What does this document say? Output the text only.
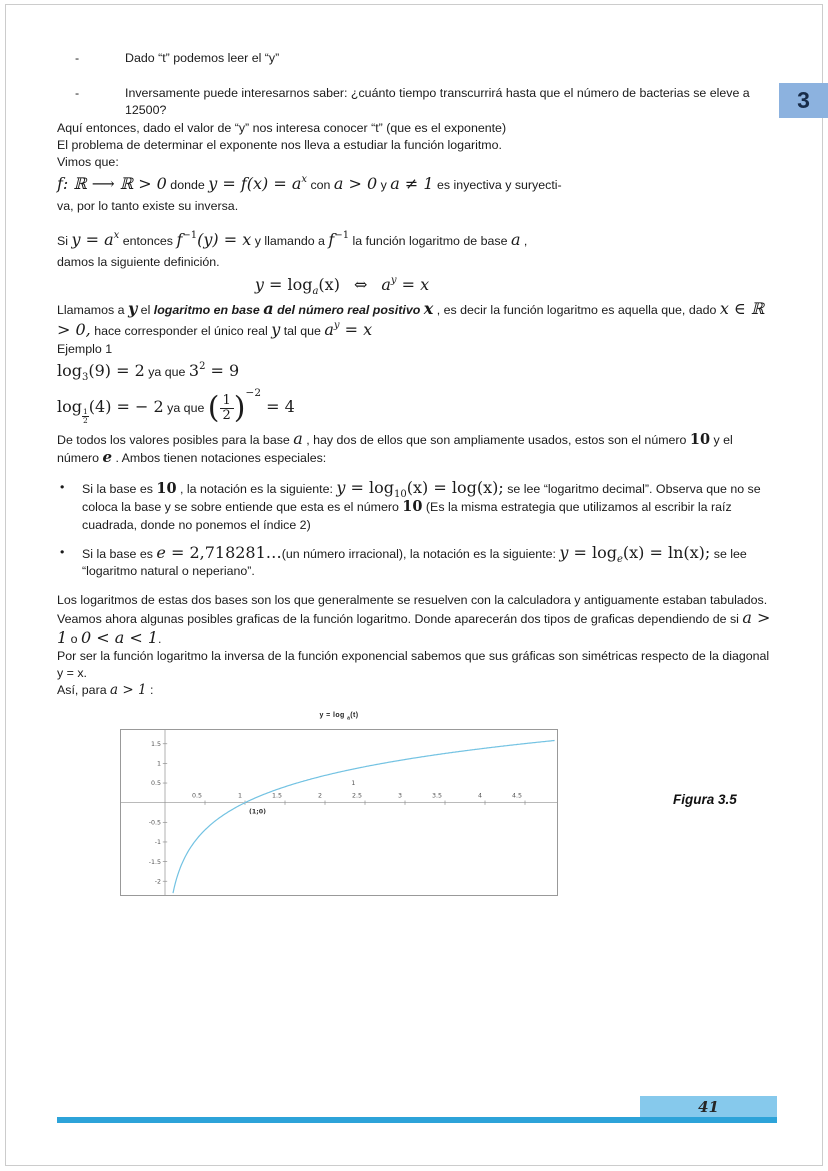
3
-	Dado “t” podemos leer el “y”
-	Inversamente puede interesarnos saber: ¿cuánto tiempo transcurrirá hasta que el número de bacterias se eleve a 12500?

Aquí entonces, dado el valor de “y” nos interesa conocer “t” (que es el exponente)

El problema de determinar el exponente nos lleva a estudiar la función logaritmo.

Vimos que:

f: ℝ ⟶ ℝ > 0 donde $y = f(x) = a^x$ con a > 0 y a ≠ 1 es inyectiva y suryecti-

va, por lo tanto existe su inversa.

Si $y = a^x$ entonces $f^{-1}(y) = x$ y llamando a $f^{-1}$ la función logaritmo de base a ,

damos la siguiente definición.

$y = \log_a(x)$ ⇔ $a^y = x$

Llamamos a y el logaritmo en base a del número real positivo x , es decir la función logaritmo es aquella que, dado x ∈ ℝ > 0, hace corresponder el único real y tal que $a^y = x$

Ejemplo 1

$\log_3(9) = 2$ ya que $3^2 = 9$

log
$_{\frac{1}{2}}$
(4) = − 2 ya que ( $\frac{1}{2} )^{-2} = 4$

De todos los valores posibles para la base a , hay dos de ellos que son ampliamente usados, estos son el número 10 y el número e . Ambos tienen notaciones especiales:

• Si la base es 10 , la notación es la siguiente: $y = \log_{10}(x) = \log(x)$; se lee “logaritmo decimal”. Observa que no se coloca la base y se sobre entiende que esta es el número 10 (Es la misma estrategia que utilizamos al escribir la raíz cuadrada, donde no ponemos el índice 2)
• Si la base es e = 2,718281…(un número irracional), la notación es la siguiente: $y = \log_e(x) = \ln(x)$; se lee “logaritmo natural o neperiano”.

Los logaritmos de estas dos bases son los que generalmente se resuelven con la calculadora y antiguamente estaban tabulados.

Veamos ahora algunas posibles graficas de la función logaritmo. Donde aparecerán dos tipos de graficas dependiendo de si a > 1 o 0 < a < 1.

Por ser la función logaritmo la inversa de la función exponencial sabemos que sus gráficas son simétricas respecto de la diagonal y = x.

Así, para a > 1 :

y = log $_a$(t)
0.5	1	1.5	2	2.5	3	3.5	4	4.5
1.5
1
0.5
-0.5
-1
-1.5
-2
(1;0)
1
Figura 3.5
41
